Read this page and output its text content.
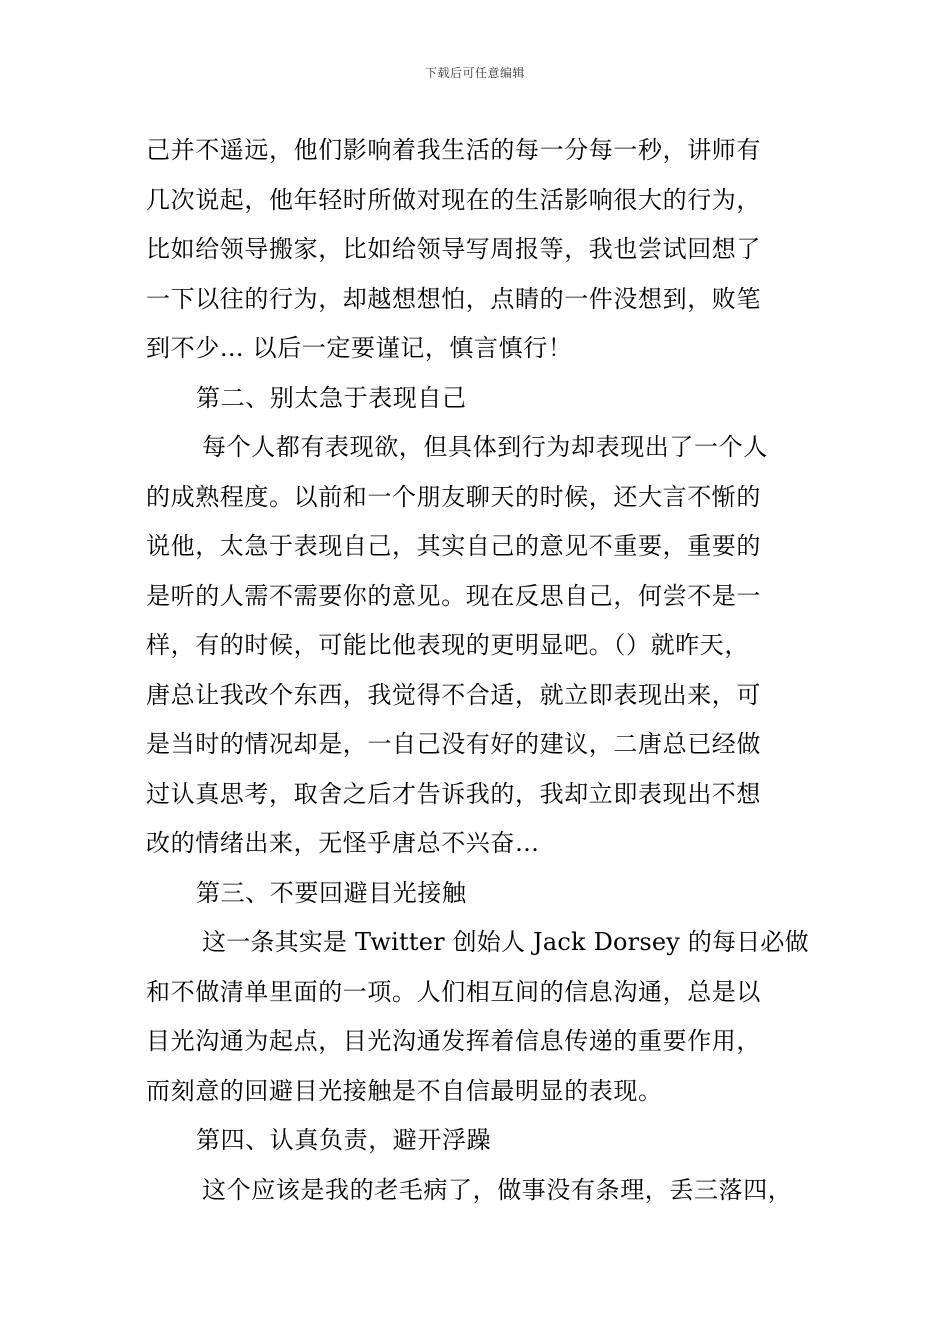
下载后可任意编辑
己并不遥远，他们影响着我生活的每一分每一秒，讲师有
几次说起，他年轻时所做对现在的生活影响很大的行为，
比如给领导搬家，比如给领导写周报等，我也尝试回想了
一下以往的行为，却越想想怕，点睛的一件没想到，败笔
到不少… 以后一定要谨记，慎言慎行！
第二、别太急于表现自己
每个人都有表现欲，但具体到行为却表现出了一个人
的成熟程度。以前和一个朋友聊天的时候，还大言不惭的
说他，太急于表现自己，其实自己的意见不重要，重要的
是听的人需不需要你的意见。现在反思自己，何尝不是一
样，有的时候，可能比他表现的更明显吧。（）就昨天，
唐总让我改个东西，我觉得不合适，就立即表现出来，可
是当时的情况却是，一自己没有好的建议，二唐总已经做
过认真思考，取舍之后才告诉我的，我却立即表现出不想
改的情绪出来，无怪乎唐总不兴奋…
第三、不要回避目光接触
这一条其实是 Twitter 创始人 Jack Dorsey 的每日必做
和不做清单里面的一项。人们相互间的信息沟通，总是以
目光沟通为起点，目光沟通发挥着信息传递的重要作用，
而刻意的回避目光接触是不自信最明显的表现。
第四、认真负责，避开浮躁
这个应该是我的老毛病了，做事没有条理，丢三落四，
